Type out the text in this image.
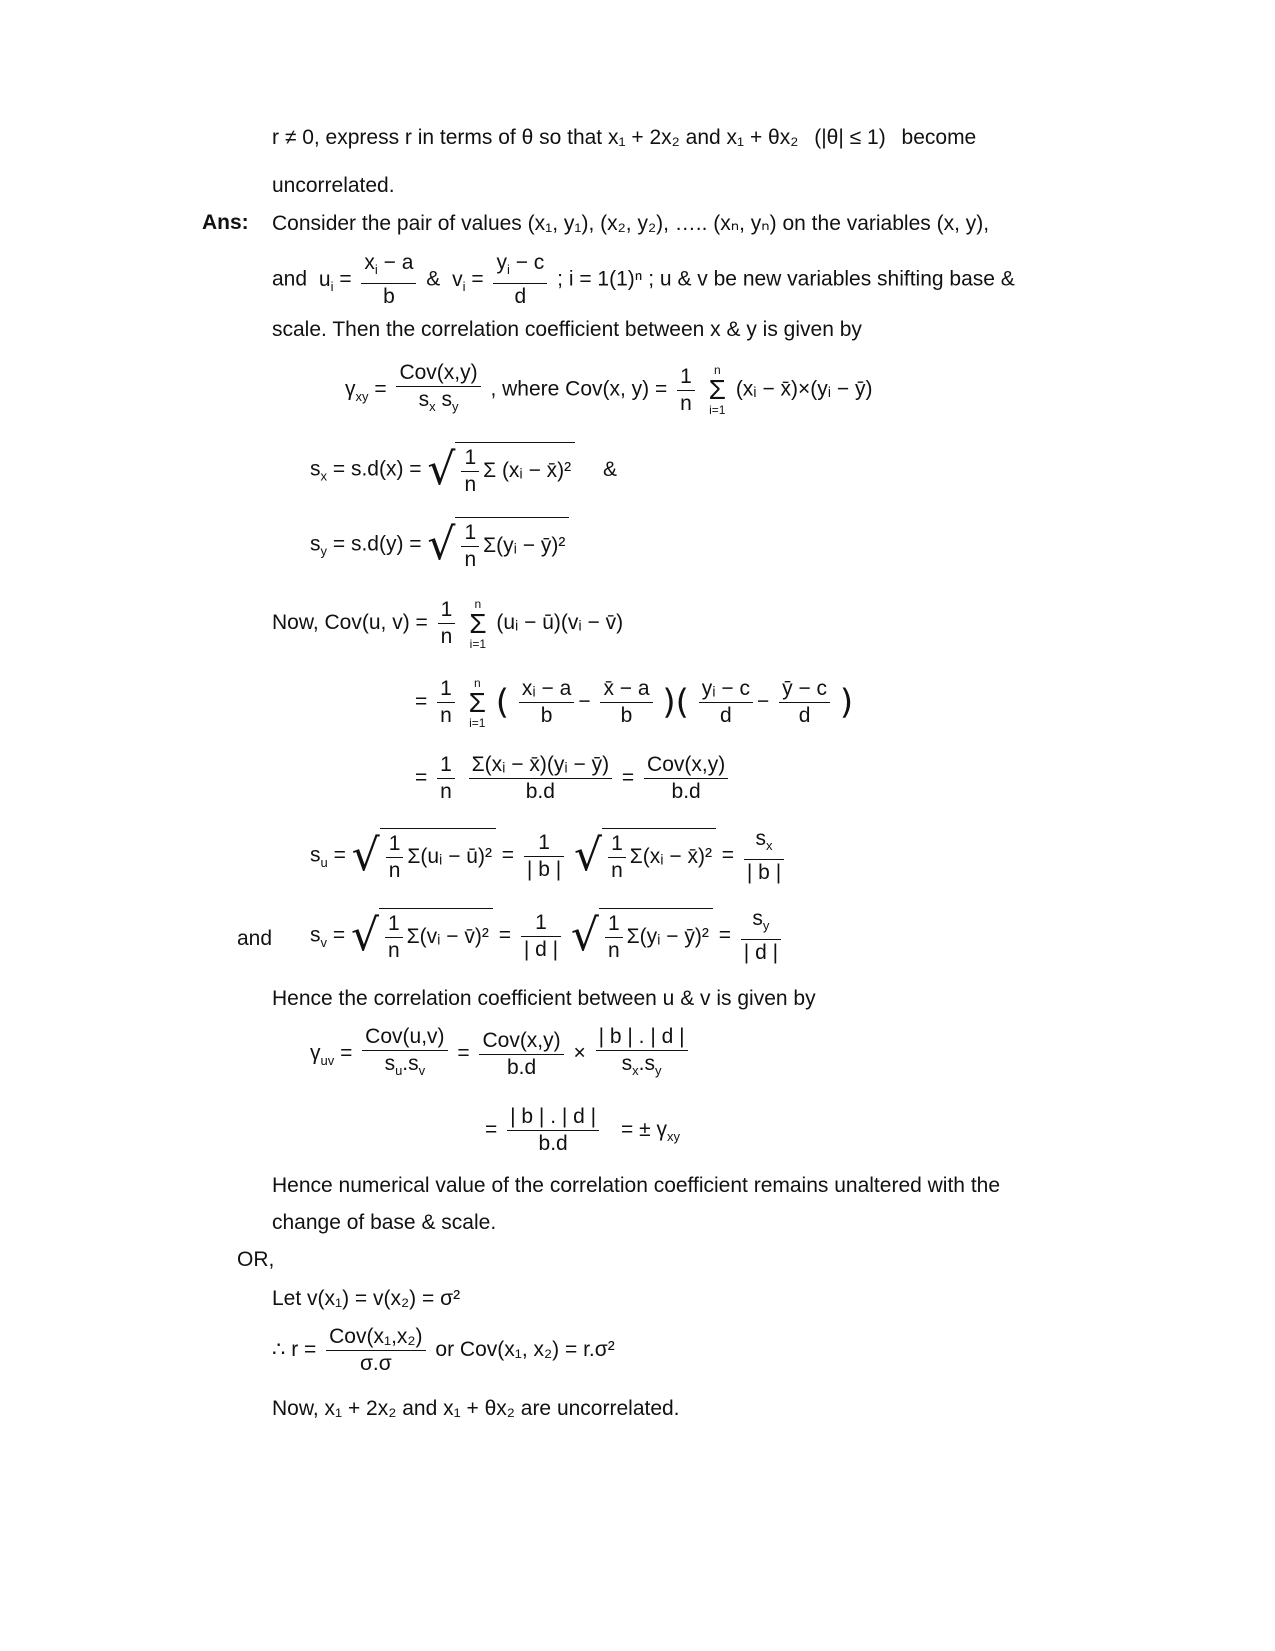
r ≠ 0, express r in terms of θ so that x₁ + 2x₂ and x₁ + θx₂ (|θ| ≤ 1) become
uncorrelated.
Ans: Consider the pair of values (x₁, y₁), (x₂, y₂), ….. (xₙ, yₙ) on the variables (x, y),
and $u_i = \frac{x_i - a}{b}$ & $v_i = \frac{y_i - c}{d}$ ; i = 1(1)ⁿ ; u & v be new variables shifting base &
scale. Then the correlation coefficient between x & y is given by
$\gamma_{xy}$ =
Cov(x,y)
$s_x$ $s_y$
, where Cov(x, $y) = \frac{1}{n}$
	n
Σ
i=1
(xᵢ − x̄)×(yᵢ − ȳ)
$s_x = s.d(x)$ = √ $\frac{1}{n}$ Σ (xᵢ − x̄)² &
$s_y = s.d(y)$ = √ $\frac{1}{n}$ Σ(yᵢ − ȳ)²
Now, Cov(u, $v) = \frac{1}{n}$
	n
Σ
i=1
(uᵢ − ū)(vᵢ − v̄)
= $\frac{1}{n}$
	n
Σ
i=1 ( $\frac{\text{xᵢ − a}}{b} - \frac{x̄ - a}{b}$ )( $\frac{\text{yᵢ − c}}{d} - \frac{ȳ - c}{d}$ )
= $\frac{1}{n}$
$\frac{\text{Σ(xᵢ − x̄)(yᵢ − ȳ)}}{b.d}$ =
Cov(x,y)
b.d
$s_u$ = √ $\frac{1}{n}$ Σ(uᵢ − ū)² = $\frac{1}{| b |}$ √ $\frac{1}{n}$ Σ(xᵢ − x̄)² = $\frac{s_x}{| b |}$
and $s_v$ = √ $\frac{1}{n}$ Σ(vᵢ − v̄)² = $\frac{1}{| d |}$ √ $\frac{1}{n}$ Σ(yᵢ − ȳ)² = $\frac{s_y}{| d |}$
Hence the correlation coefficient between u & v is given by
$\gamma_{uv}$ =
Cov(u,v)
$s_u.s_v$
=
Cov(x,y)
b.d
× $\frac{| b | . | d |}{s_x.s_y}$
= $\frac{| b | . | d |}{b.d}$ = ± $\gamma_{xy}$
Hence numerical value of the correlation coefficient remains unaltered with the
change of base & scale.
OR,
Let v(x₁) = v(x₂) = σ²
∴ r =
Cov(x₁,x₂)
σ.σ
or Cov(x₁, x₂) = r.σ²
Now, x₁ + 2x₂ and x₁ + θx₂ are uncorrelated.
